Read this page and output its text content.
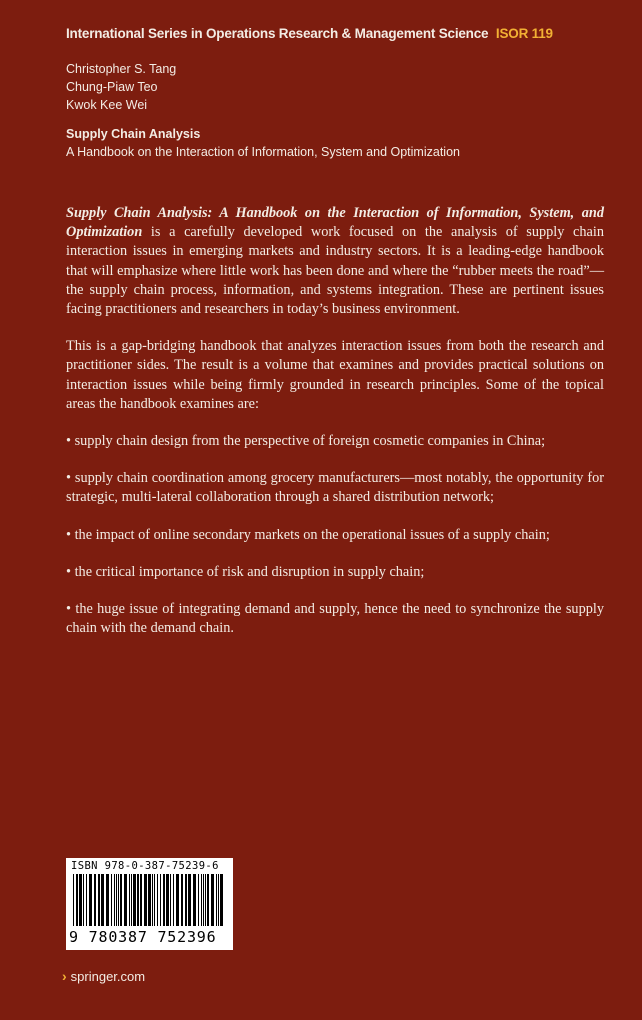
International Series in Operations Research & Management Science ISOR 119
Christopher S. Tang
Chung-Piaw Teo
Kwok Kee Wei
Supply Chain Analysis
A Handbook on the Interaction of Information, System and Optimization

Supply Chain Analysis: A Handbook on the Interaction of Information, System, and Optimization is a carefully developed work focused on the analysis of supply chain interaction issues in emerging markets and industry sectors. It is a leading-edge handbook that will emphasize where little work has been done and where the “rubber meets the road”—the supply chain process, information, and systems integration. These are pertinent issues facing practitioners and researchers in today’s business environment.

This is a gap-bridging handbook that analyzes interaction issues from both the research and practitioner sides. The result is a volume that examines and provides practical solutions on interaction issues while being firmly grounded in research principles. Some of the topical areas the handbook examines are:

• supply chain design from the perspective of foreign cosmetic companies in China;

• supply chain coordination among grocery manufacturers—most notably, the opportunity for strategic, multi-lateral collaboration through a shared distribution network;

• the impact of online secondary markets on the operational issues of a supply chain;

• the critical importance of risk and disruption in supply chain;

• the huge issue of integrating demand and supply, hence the need to synchronize the supply chain with the demand chain.

ISBN 978-0-387-75239-6
9 780387 752396
› springer.com
